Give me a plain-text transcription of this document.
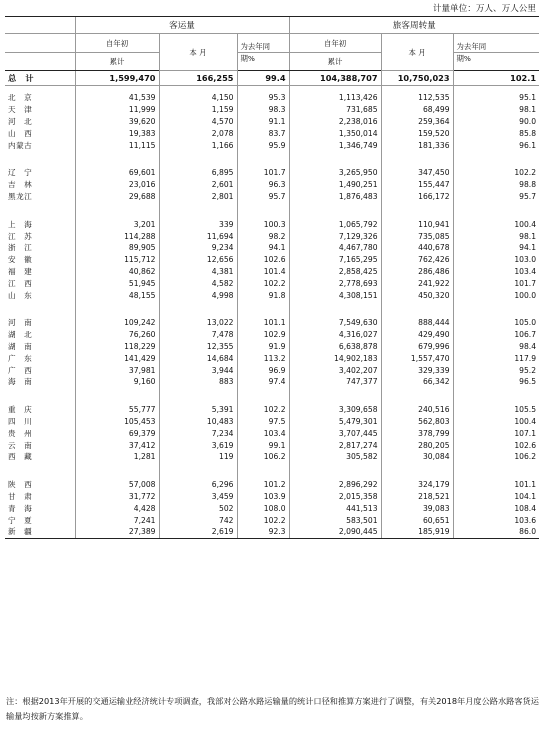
计量单位：万人、万人公里
	客运量			旅客周转量		
	自年初	本 月	为去年同	自年初	本 月	为去年同
	累计		期%	累计		期%
总　计	1,599,470	166,255	99.4	104,388,707	10,750,023	102.1

北　京	41,539	4,150	95.3	1,113,426	112,535	95.1
天　津	11,999	1,159	98.3	731,685	68,499	98.1
河　北	39,620	4,570	91.1	2,238,016	259,364	90.0
山　西	19,383	2,078	83.7	1,350,014	159,520	85.8
内蒙古	11,115	1,166	95.9	1,346,749	181,336	96.1

辽　宁	69,601	6,895	101.7	3,265,950	347,450	102.2
吉　林	23,016	2,601	96.3	1,490,251	155,447	98.8
黑龙江	29,688	2,801	95.7	1,876,483	166,172	95.7

上　海	3,201	339	100.3	1,065,792	110,941	100.4
江　苏	114,288	11,694	98.2	7,129,326	735,085	98.1
浙　江	89,905	9,234	94.1	4,467,780	440,678	94.1
安　徽	115,712	12,656	102.6	7,165,295	762,426	103.0
福　建	40,862	4,381	101.4	2,858,425	286,486	103.4
江　西	51,945	4,582	102.2	2,778,693	241,922	101.7
山　东	48,155	4,998	91.8	4,308,151	450,320	100.0

河　南	109,242	13,022	101.1	7,549,630	888,444	105.0
湖　北	76,260	7,478	102.9	4,316,027	429,490	106.7
湖　南	118,229	12,355	91.9	6,638,878	679,996	98.4
广　东	141,429	14,684	113.2	14,902,183	1,557,470	117.9
广　西	37,981	3,944	96.9	3,402,207	329,339	95.2
海　南	9,160	883	97.4	747,377	66,342	96.5

重　庆	55,777	5,391	102.2	3,309,658	240,516	105.5
四　川	105,453	10,483	97.5	5,479,301	562,803	100.4
贵　州	69,379	7,234	103.4	3,707,445	378,799	107.1
云　南	37,412	3,619	99.1	2,817,274	280,205	102.6
西　藏	1,281	119	106.2	305,582	30,084	106.2

陕　西	57,008	6,296	101.2	2,896,292	324,179	101.1
甘　肃	31,772	3,459	103.9	2,015,358	218,521	104.1
青　海	4,428	502	108.0	441,513	39,083	108.4
宁　夏	7,241	742	102.2	583,501	60,651	103.6
新　疆	27,389	2,619	92.3	2,090,445	185,919	86.0
注：根据2013年开展的交通运输业经济统计专项调查，我部对公路水路运输量的统计口径和推算方案进行了调整，有关2018年月度公路水路客货运输量均按新方案推算。
